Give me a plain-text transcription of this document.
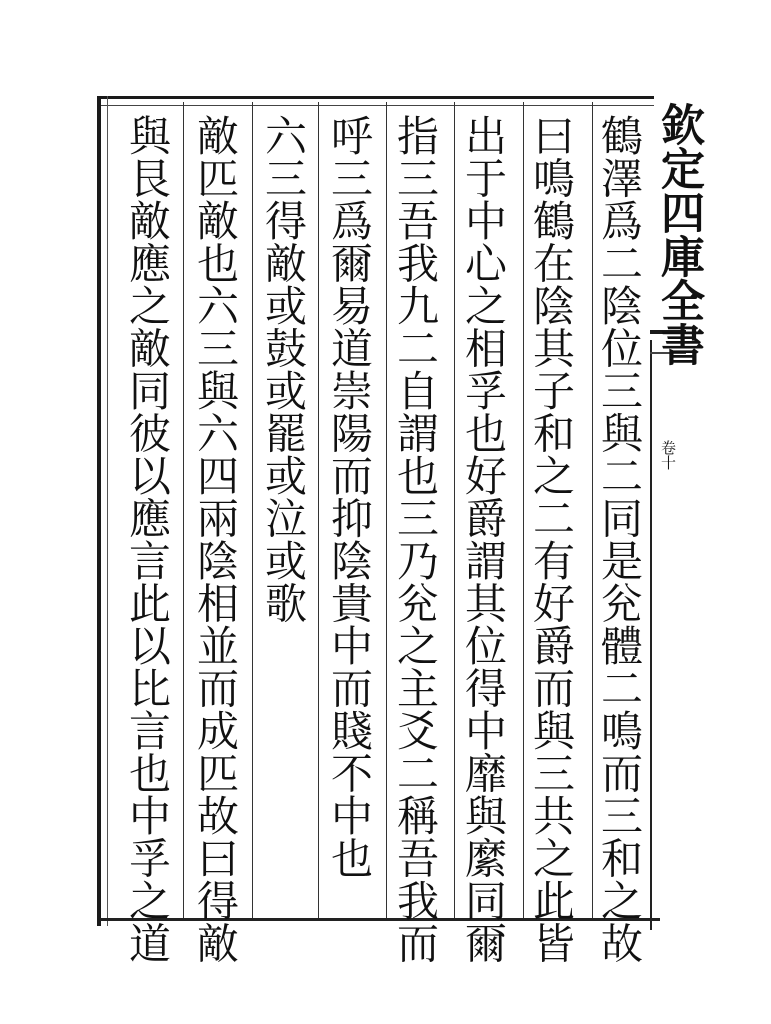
欽定四庫全書
卷十
鶴澤爲二陰位三與二同是兊體二鳴而三和之故
曰鳴鶴在陰其子和之二有好爵而與三共之此皆
出于中心之相孚也好爵謂其位得中靡與縻同爾
指三吾我九二自謂也三乃兊之主爻二稱吾我而
呼三爲爾易道崇陽而抑陰貴中而賤不中也
六三得敵或鼓或罷或泣或歌
敵匹敵也六三與六四兩陰相並而成匹故曰得敵
與艮敵應之敵同彼以應言此以比言也中孚之道
